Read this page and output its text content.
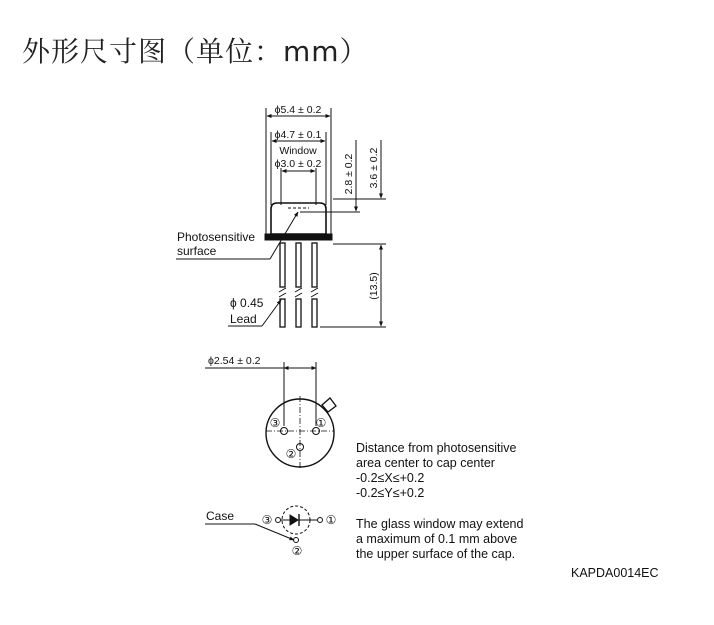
外形尺寸图（单位：mm）
ϕ5.4 ± 0.2
ϕ4.7 ± 0.1
Window
ϕ3.0 ± 0.2 2.8 ± 0.2 3.6 ± 0.2
(13.5)
Photosensitive
surface
ϕ 0.45
Lead
ϕ2.54 ± 0.2
③	①
②
Case ③	①
②
Distance from photosensitive
area center to cap center
-0.2≤X≤+0.2
-0.2≤Y≤+0.2
The glass window may extend
a maximum of 0.1 mm above
the upper surface of the cap.
KAPDA0014EC
